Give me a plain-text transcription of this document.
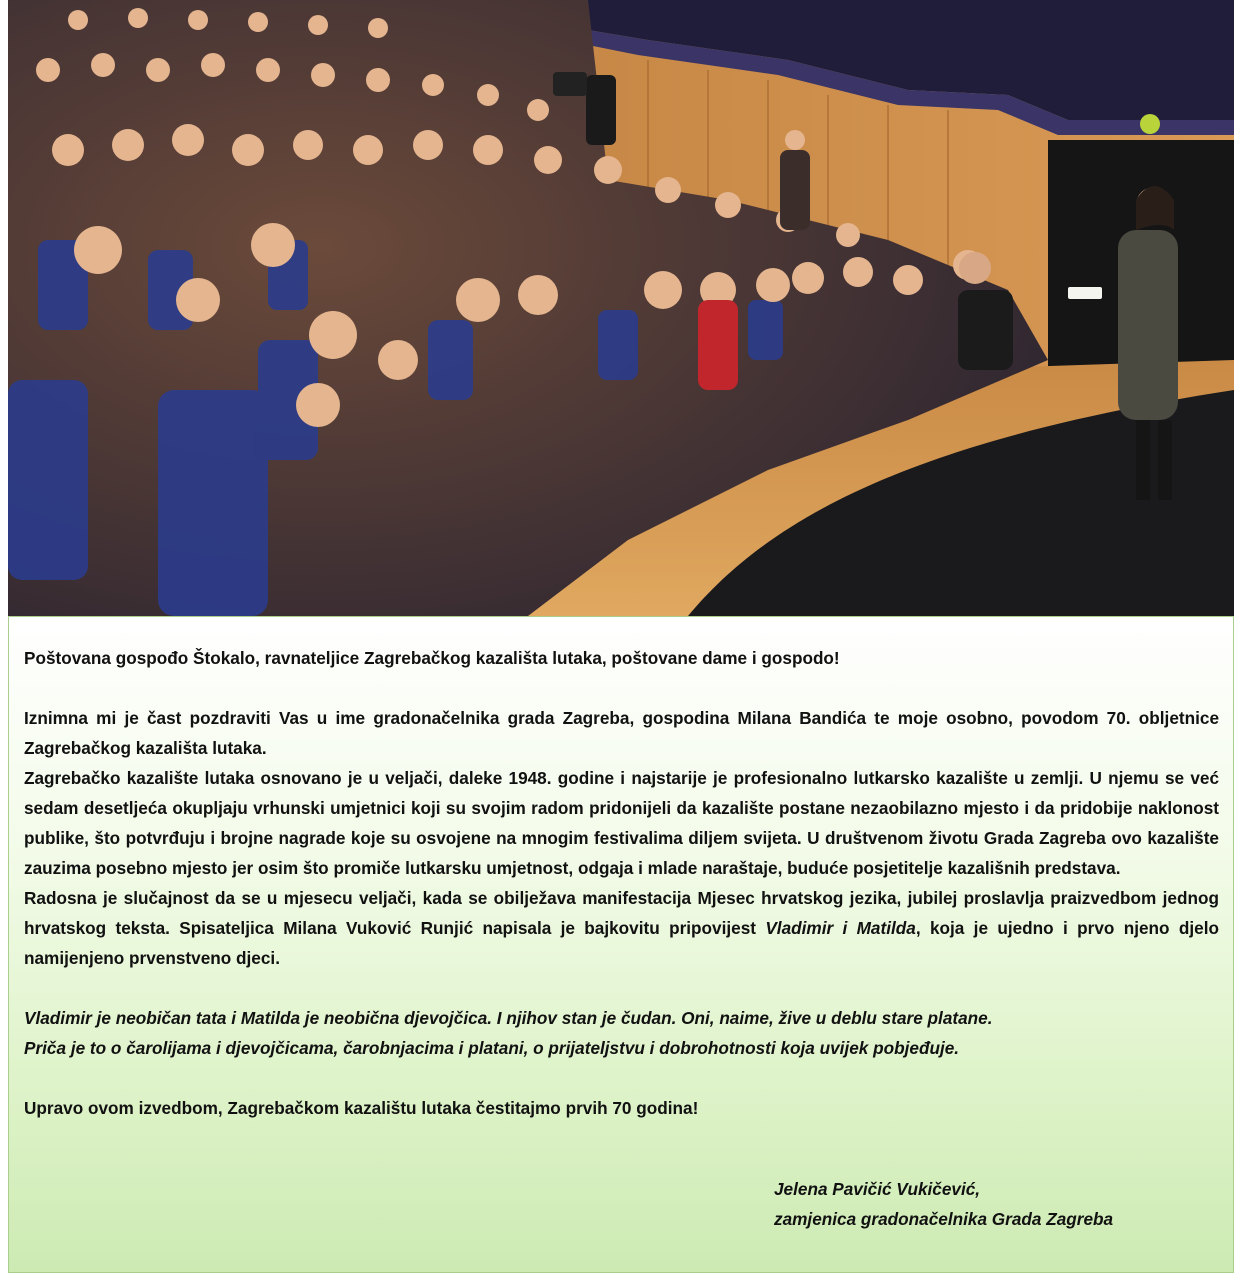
Poštovana gospođo Štokalo, ravnateljice Zagrebačkog kazališta lutaka, poštovane dame i gospodo!

Iznimna mi je čast pozdraviti Vas u ime gradonačelnika grada Zagreba, gospodina Milana Bandića te moje osobno, povodom 70. obljetnice Zagrebačkog kazališta lutaka.

Zagrebačko kazalište lutaka osnovano je u veljači, daleke 1948. godine i najstarije je profesionalno lutkarsko kazalište u zemlji. U njemu se već sedam desetljeća okupljaju vrhunski umjetnici koji su svojim radom pridonijeli da kazalište postane nezaobilazno mjesto i da pridobije naklonost publike, što potvrđuju i brojne nagrade koje su osvojene na mnogim festivalima diljem svijeta. U društvenom životu Grada Zagreba ovo kazalište zauzima posebno mjesto jer osim što promiče lutkarsku umjetnost, odgaja i mlade naraštaje, buduće posjetitelje kazališnih predstava.

Radosna je slučajnost da se u mjesecu veljači, kada se obilježava manifestacija Mjesec hrvatskog jezika, jubilej proslavlja praizvedbom jednog hrvatskog teksta. Spisateljica Milana Vuković Runjić napisala je bajkovitu pripovijest Vladimir i Matilda, koja je ujedno i prvo njeno djelo namijenjeno prvenstveno djeci.

Vladimir je neobičan tata i Matilda je neobična djevojčica. I njihov stan je čudan. Oni, naime, žive u deblu stare platane.

Priča je to o čarolijama i djevojčicama, čarobnjacima i platani, o prijateljstvu i dobrohotnosti koja uvijek pobjeđuje.

Upravo ovom izvedbom, Zagrebačkom kazalištu lutaka čestitajmo prvih 70 godina!

Jelena Pavičić Vukičević,
zamjenica gradonačelnika Grada Zagreba
